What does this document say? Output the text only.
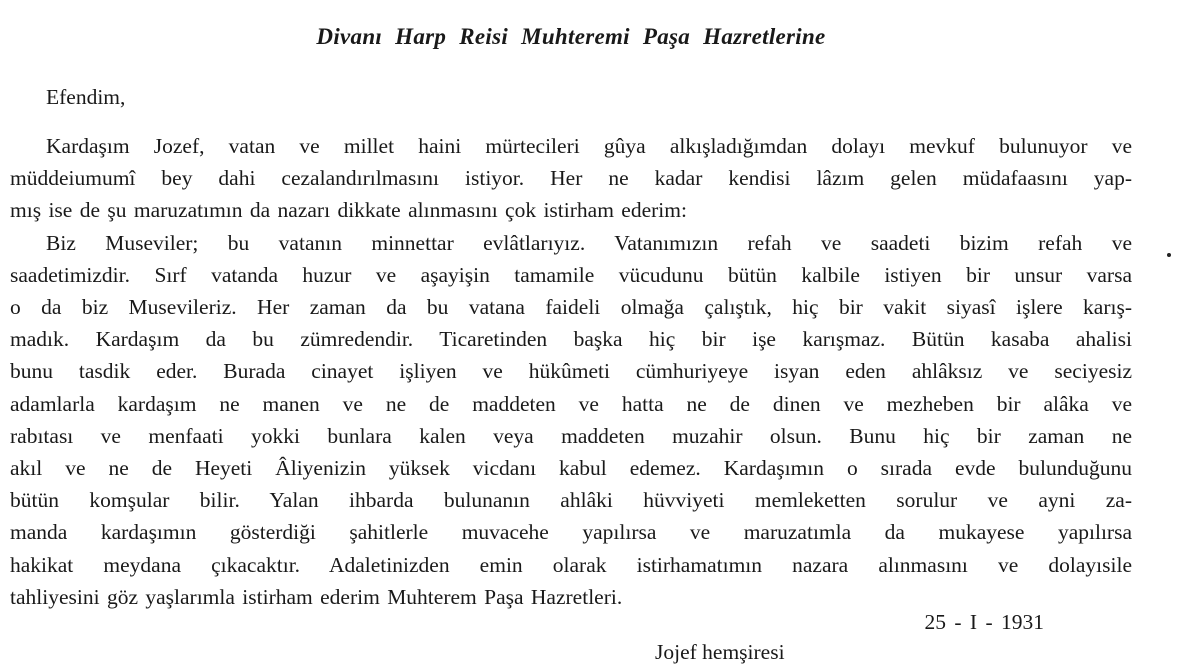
Divanı Harp Reisi Muhteremi Paşa Hazretlerine
Efendim,
Kardaşım Jozef, vatan ve millet haini mürtecileri gûya alkışladığımdan dolayı mevkuf bulunuyor ve
müddeiumumî bey dahi cezalandırılmasını istiyor. Her ne kadar kendisi lâzım gelen müdafaasını yap-
mış ise de şu maruzatımın da nazarı dikkate alınmasını çok istirham ederim:
Biz Museviler; bu vatanın minnettar evlâtlarıyız. Vatanımızın refah ve saadeti bizim refah ve
saadetimizdir. Sırf vatanda huzur ve aşayişin tamamile vücudunu bütün kalbile istiyen bir unsur varsa
o da biz Musevileriz. Her zaman da bu vatana faideli olmağa çalıştık, hiç bir vakit siyasî işlere karış-
madık. Kardaşım da bu zümredendir. Ticaretinden başka hiç bir işe karışmaz. Bütün kasaba ahalisi
bunu tasdik eder. Burada cinayet işliyen ve hükûmeti cümhuriyeye isyan eden ahlâksız ve seciyesiz
adamlarla kardaşım ne manen ve ne de maddeten ve hatta ne de dinen ve mezheben bir alâka ve
rabıtası ve menfaati yokki bunlara kalen veya maddeten muzahir olsun. Bunu hiç bir zaman ne
akıl ve ne de Heyeti Âliyenizin yüksek vicdanı kabul edemez. Kardaşımın o sırada evde bulunduğunu
bütün komşular bilir. Yalan ihbarda bulunanın ahlâki hüvviyeti memleketten sorulur ve ayni za-
manda kardaşımın gösterdiği şahitlerle muvacehe yapılırsa ve maruzatımla da mukayese yapılırsa
hakikat meydana çıkacaktır. Adaletinizden emin olarak istirhamatımın nazara alınmasını ve dolayısile
tahliyesini göz yaşlarımla istirham ederim Muhterem Paşa Hazretleri.
25 - I - 1931
Jojef hemşiresi
